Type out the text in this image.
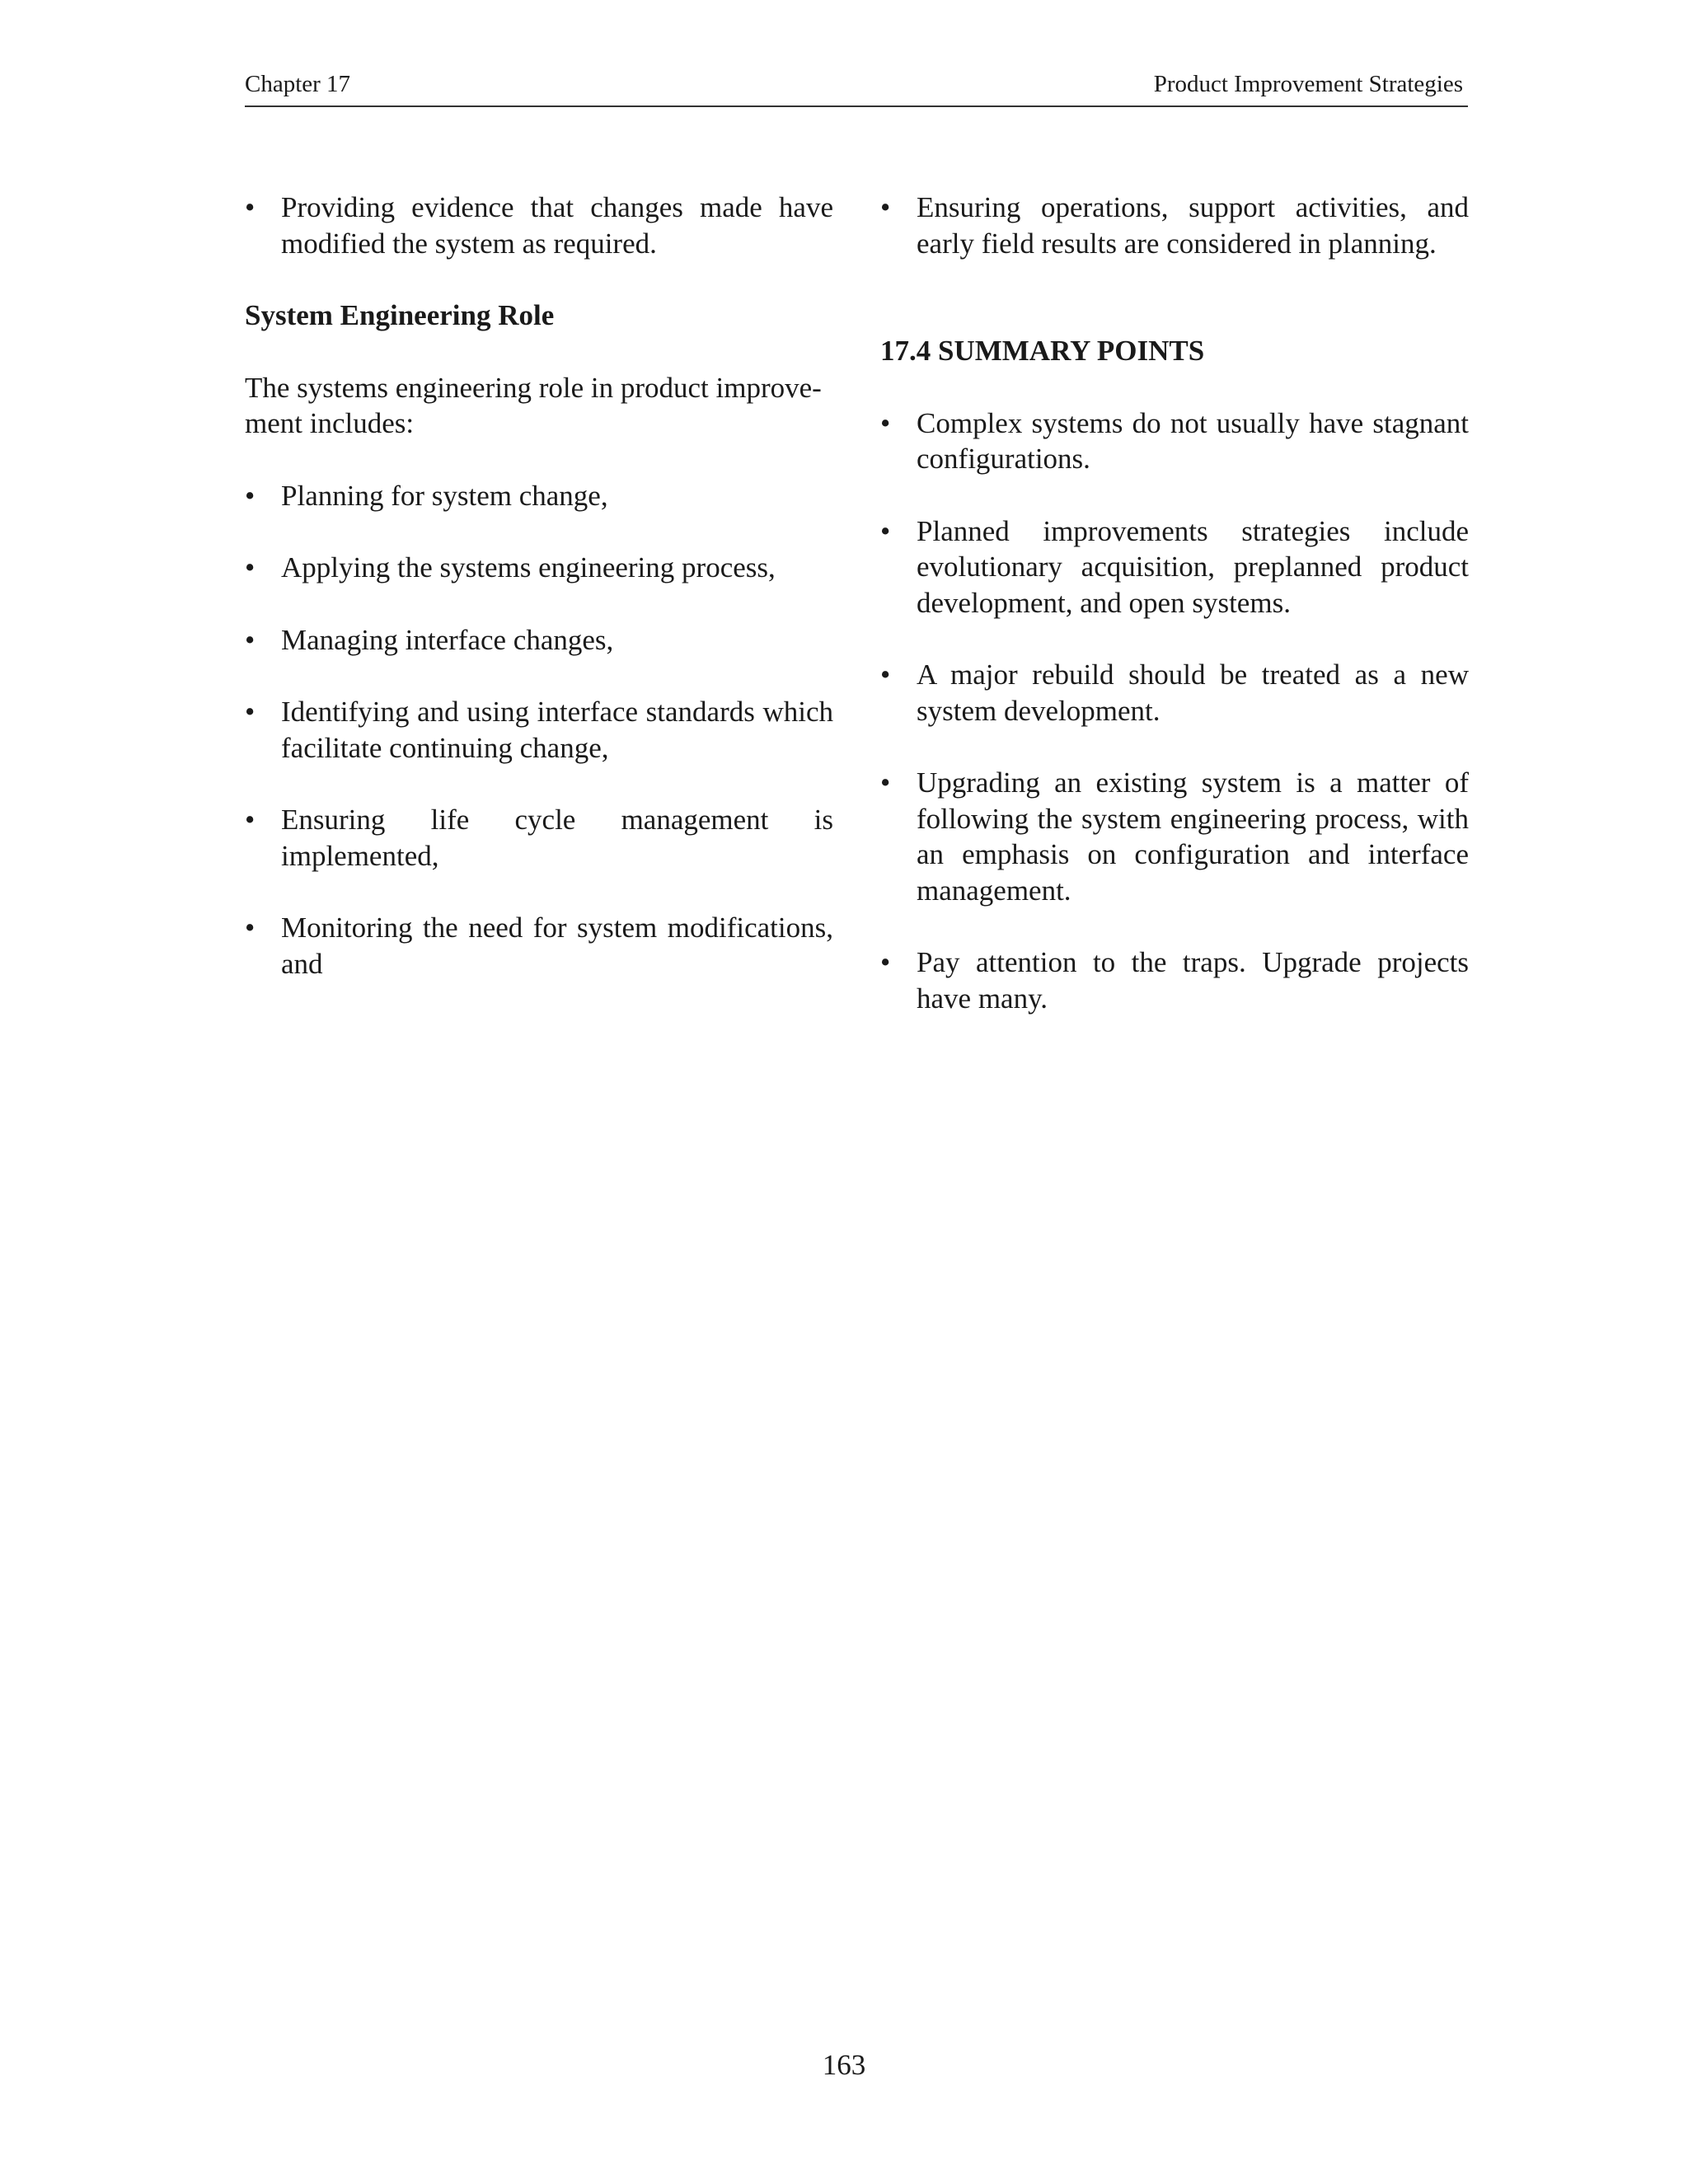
Chapter 17	Product Improvement Strategies
• Providing evidence that changes made have modified the system as required.
System Engineering Role

The systems engineering role in product improve- ment includes:

• Planning for system change,
• Applying the systems engineering process,
• Managing interface changes,
• Identifying and using interface standards which facilitate continuing change,
• Ensuring life cycle management is implemented,
• Monitoring the need for system modifications, and
• Ensuring operations, support activities, and early field results are considered in planning.
17.4 SUMMARY POINTS
• Complex systems do not usually have stagnant configurations.
• Planned improvements strategies include evolutionary acquisition, preplanned product development, and open systems.
• A major rebuild should be treated as a new system development.
• Upgrading an existing system is a matter of following the system engineering process, with an emphasis on configuration and interface management.
• Pay attention to the traps. Upgrade projects have many.
163
